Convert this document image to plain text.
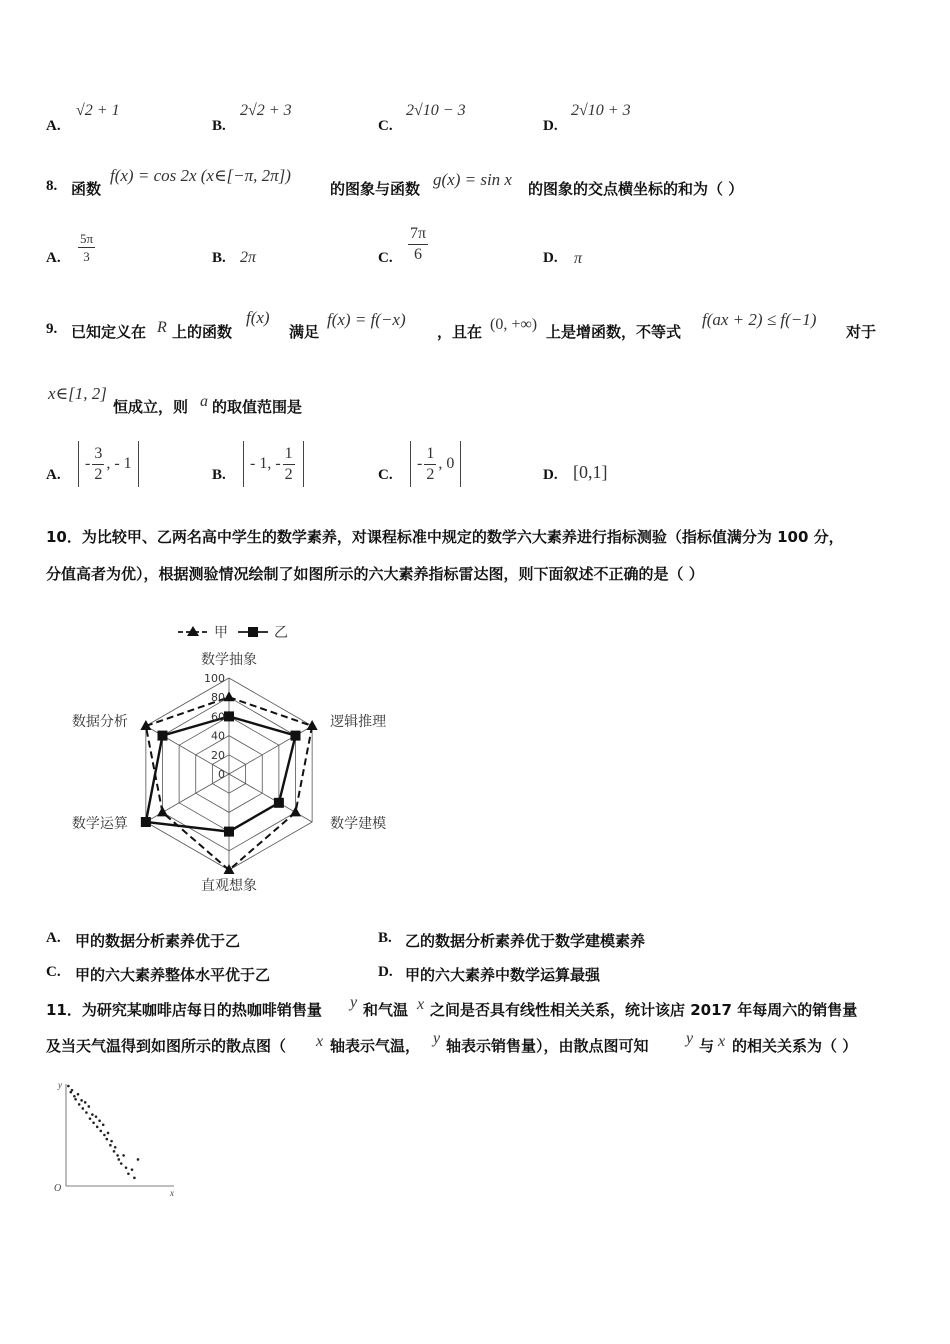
A.
√2 + 1
B.
2√2 + 3
C.
2√10 − 3
D.
2√10 + 3
8. 函数
f(x) = cos 2x (x∈[−π, 2π])
的图象与函数 g(x) = sin x 的图象的交点横坐标的和为（ ）
A. $\frac{5\pi}{3}$	B. 2π	C. $\frac{7\pi}{6}$	D. π
9. 已知定义在 R 上的函数
f(x)
满足
f(x) = f(−x)
，且在 (0, +∞) 上是增函数，不等式
f(ax + 2) ≤ f(−1)
对于
x∈[1, 2]
恒成立，则 a 的取值范围是
A.
- $\frac{3}{2}$ , - 1
B.
- 1, - $\frac{1}{2}$	C.
- $\frac{1}{2}$ , 0
D. [0,1]
10．为比较甲、乙两名高中学生的数学素养，对课程标准中规定的数学六大素养进行指标测验（指标值满分为 100 分，
分值高者为优），根据测验情况绘制了如图所示的六大素养指标雷达图，则下面叙述不正确的是（ ）
甲	乙
数学抽象
逻辑推理
数学建模
直观想象
数学运算
数据分析
0
20
40
60
80
100
A. 甲的数据分析素养优于乙	B. 乙的数据分析素养优于数学建模素养
C. 甲的六大素养整体水平优于乙	D. 甲的六大素养中数学运算最强
11．为研究某咖啡店每日的热咖啡销售量 y 和气温 x 之间是否具有线性相关关系，统计该店 2017 年每周六的销售量
及当天气温得到如图所示的散点图（ x 轴表示气温， y 轴表示销售量），由散点图可知 y 与 x 的相关关系为（ ）
x
y
O
